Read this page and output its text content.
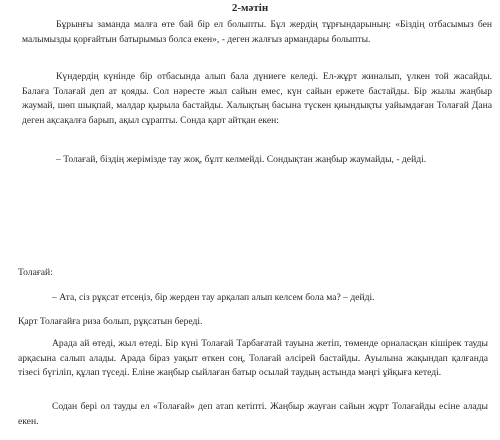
2-мәтін
Бұрынғы заманда малға өте бай бір ел болыпты. Бұл жердің тұрғындарының: «Біздің отбасымыз бен малымызды қорғайтын батырымыз болса екен», - деген жалғыз армандары болыпты.
Күндердің күнінде бір отбасында алып бала дүниеге келеді. Ел-жұрт жиналып, үлкен той жасайды. Балаға Толағай деп ат қояды. Сол нәресте жыл сайын емес, күн сайын ержете бастайды. Бір жылы жаңбыр жаумай, шөп шықпай, малдар қырыла бастайды. Халықтың басына түскен қиындықты уайымдаған Толағай Дана деген ақсақалға барып, ақыл сұрапты. Сонда қарт айтқан екен:
– Толағай, біздің жерімізде тау жоқ, бұлт келмейді. Сондықтан жаңбыр жаумайды, - дейді.
Толағай:
– Ата, сіз рұқсат етсеңіз, бір жерден тау арқалап алып келсем бола ма? – дейді.
Қарт Толағайға риза болып, рұқсатын береді.
Арада ай өтеді, жыл өтеді. Бір күні Толағай Тарбағатай тауына жетіп, төменде орналасқан кішірек тауды арқасына салып алады. Арада біраз уақыт өткен соң, Толағай әлсірей бастайды. Ауылына жақындап қалғанда тізесі бүгіліп, құлап түседі. Еліне жаңбыр сыйлаған батыр осылай таудың астында мәңгі ұйқыға кетеді.
Содан бері ол тауды ел «Толағай» деп атап кетіпті. Жаңбыр жауған сайын жұрт Толағайды есіне алады екен.
